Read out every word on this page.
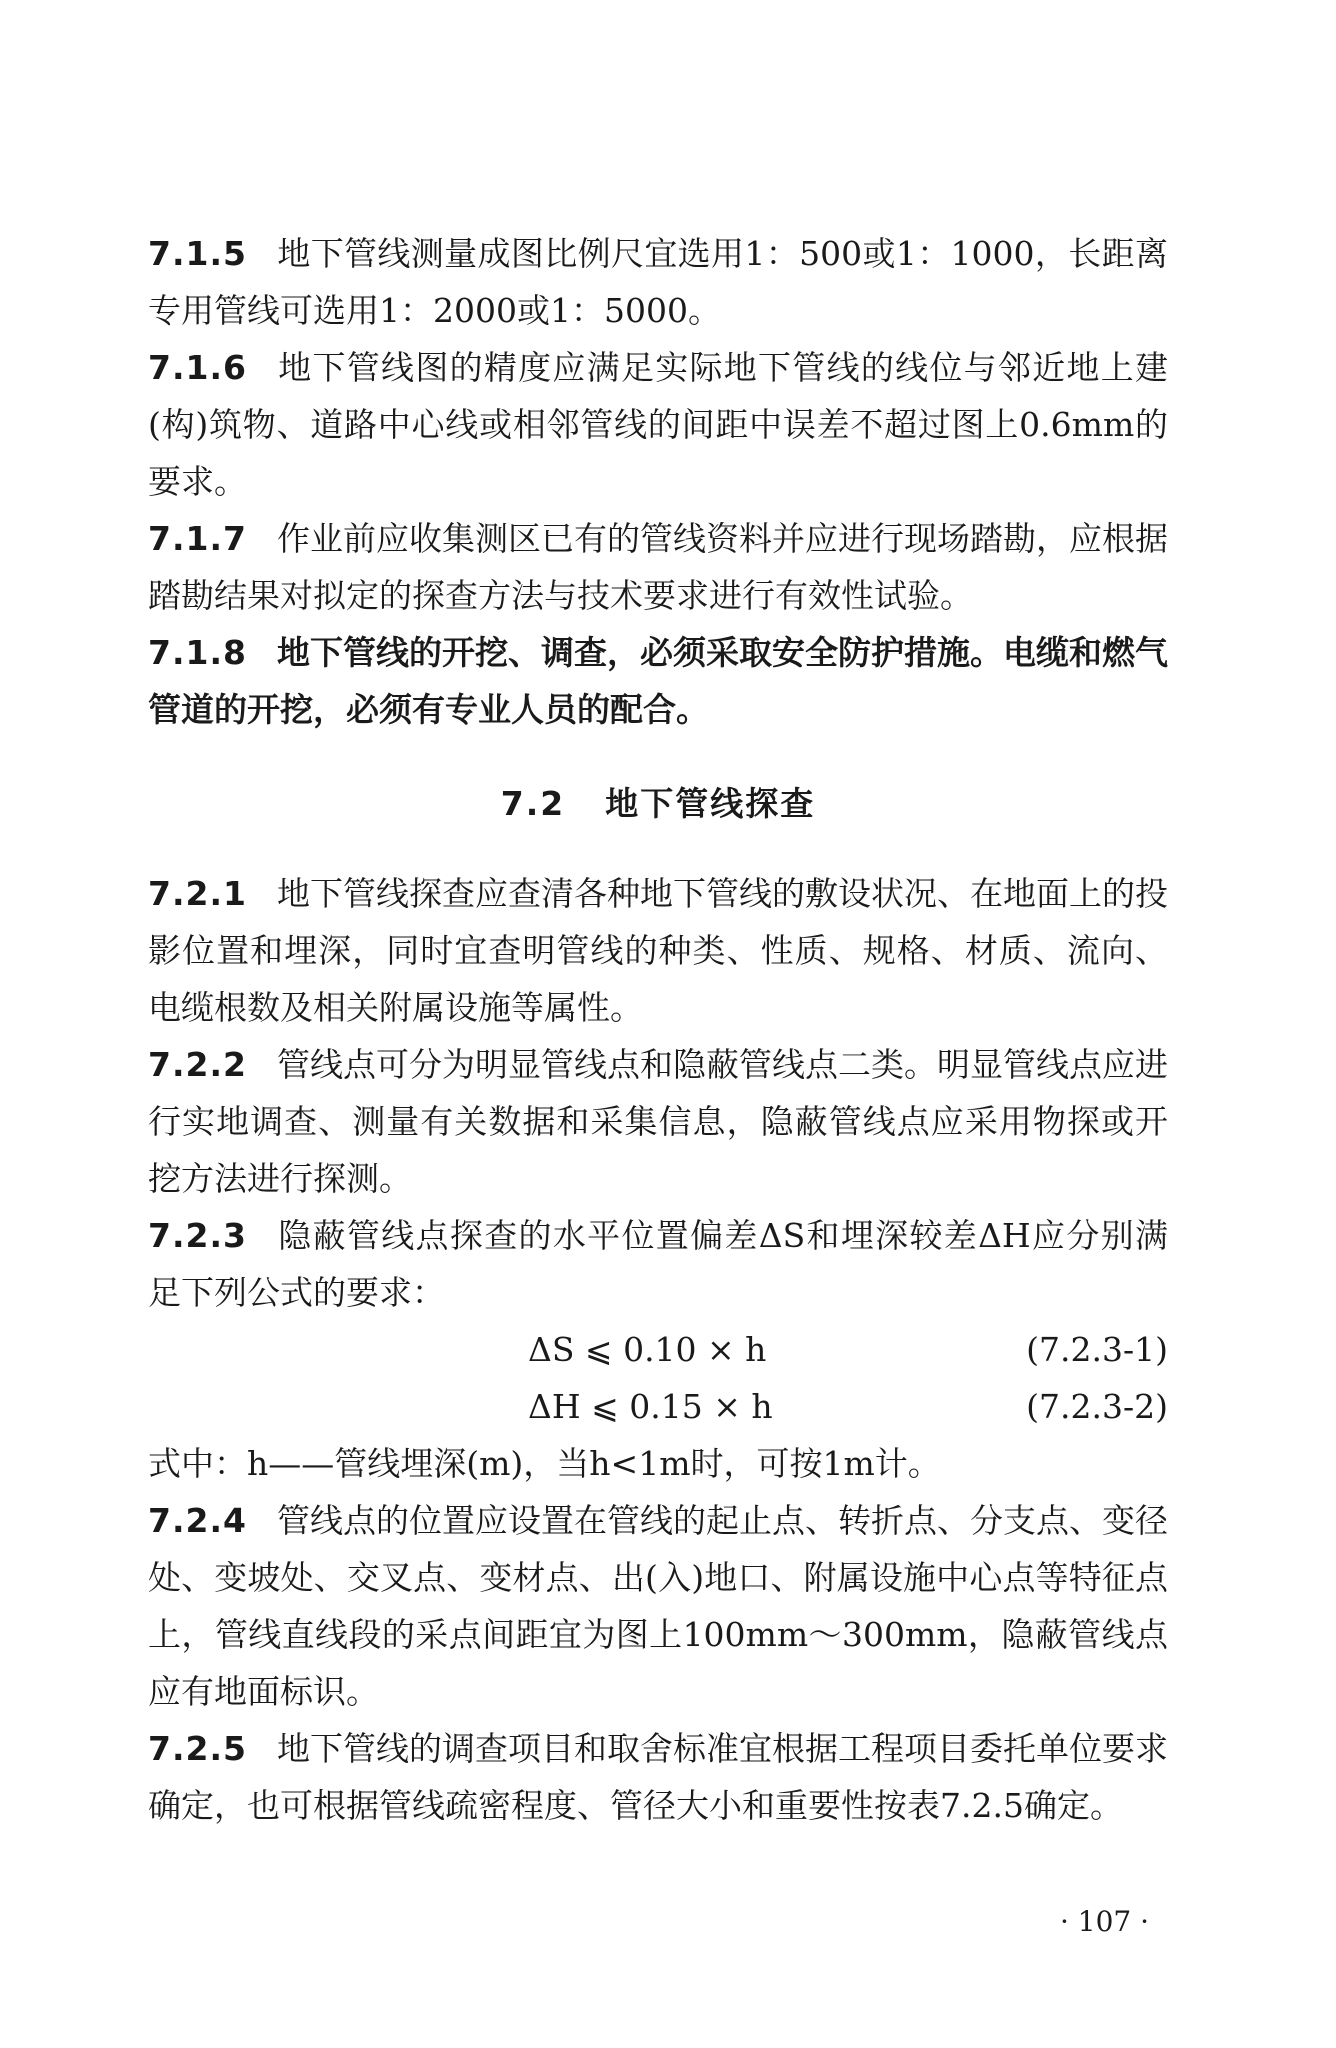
7.1.5 地下管线测量成图比例尺宜选用1：500或1：1000，长距离专用管线可选用1：2000或1：5000。

7.1.6 地下管线图的精度应满足实际地下管线的线位与邻近地上建(构)筑物、道路中心线或相邻管线的间距中误差不超过图上0.6mm的要求。

7.1.7 作业前应收集测区已有的管线资料并应进行现场踏勘，应根据踏勘结果对拟定的探查方法与技术要求进行有效性试验。

7.1.8 地下管线的开挖、调查，必须采取安全防护措施。电缆和燃气管道的开挖，必须有专业人员的配合。

7.2 地下管线探查

7.2.1 地下管线探查应查清各种地下管线的敷设状况、在地面上的投影位置和埋深，同时宜查明管线的种类、性质、规格、材质、流向、电缆根数及相关附属设施等属性。

7.2.2 管线点可分为明显管线点和隐蔽管线点二类。明显管线点应进行实地调查、测量有关数据和采集信息，隐蔽管线点应采用物探或开挖方法进行探测。

7.2.3 隐蔽管线点探查的水平位置偏差ΔS和埋深较差ΔH应分别满足下列公式的要求：

ΔS ⩽ 0.10 × h	(7.2.3-1)
ΔH ⩽ 0.15 × h	(7.2.3-2)

式中：h——管线埋深(m)，当h<1m时，可按1m计。

7.2.4 管线点的位置应设置在管线的起止点、转折点、分支点、变径处、变坡处、交叉点、变材点、出(入)地口、附属设施中心点等特征点上，管线直线段的采点间距宜为图上100mm～300mm，隐蔽管线点应有地面标识。

7.2.5 地下管线的调查项目和取舍标准宜根据工程项目委托单位要求确定，也可根据管线疏密程度、管径大小和重要性按表7.2.5确定。

· 107 ·
